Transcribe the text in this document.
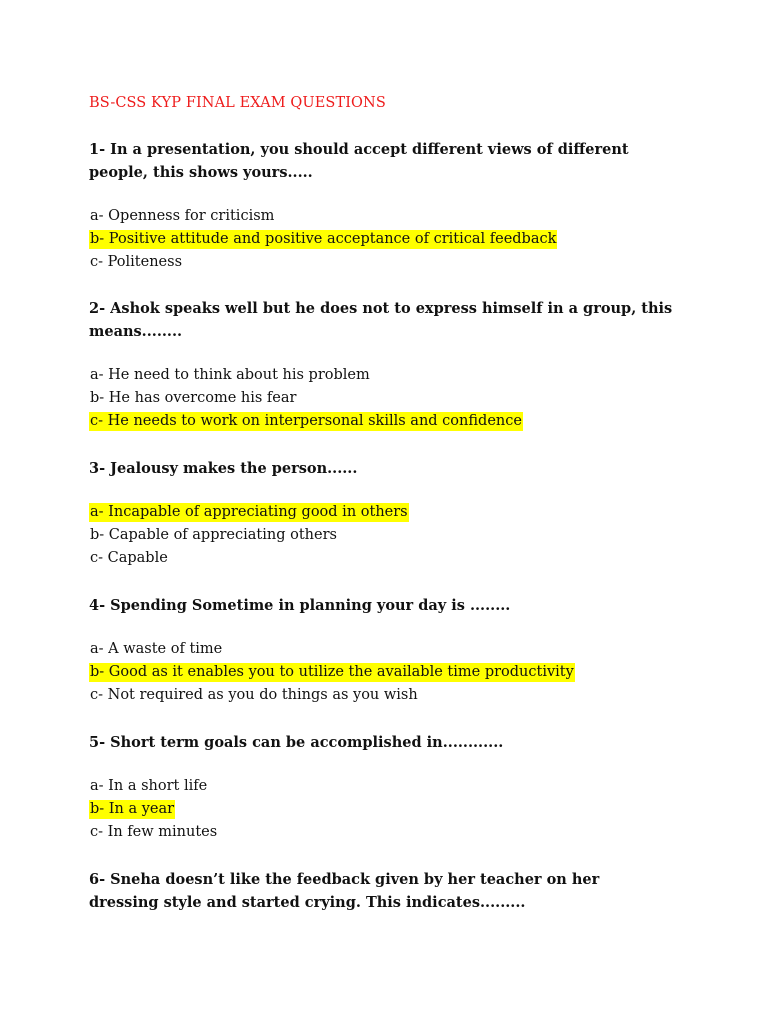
BS-CSS KYP FINAL EXAM QUESTIONS

1- In a presentation, you should accept different views of different people, this shows yours.....

a- Openness for criticism

b- Positive attitude and positive acceptance of critical feedback

c- Politeness

2- Ashok speaks well but he does not to express himself in a group, this means........

a- He need to think about his problem

b- He has overcome his fear

c- He needs to work on interpersonal skills and confidence

3- Jealousy makes the person......

a- Incapable of appreciating good in others

b- Capable of appreciating others

c- Capable

4- Spending Sometime in planning your day is ........

a- A waste of time

b- Good as it enables you to utilize the available time productivity

c- Not required as you do things as you wish

5- Short term goals can be accomplished in............

a- In a short life

b- In a year

c- In few minutes

6- Sneha doesn’t like the feedback given by her teacher on her dressing style and started crying. This indicates.........
